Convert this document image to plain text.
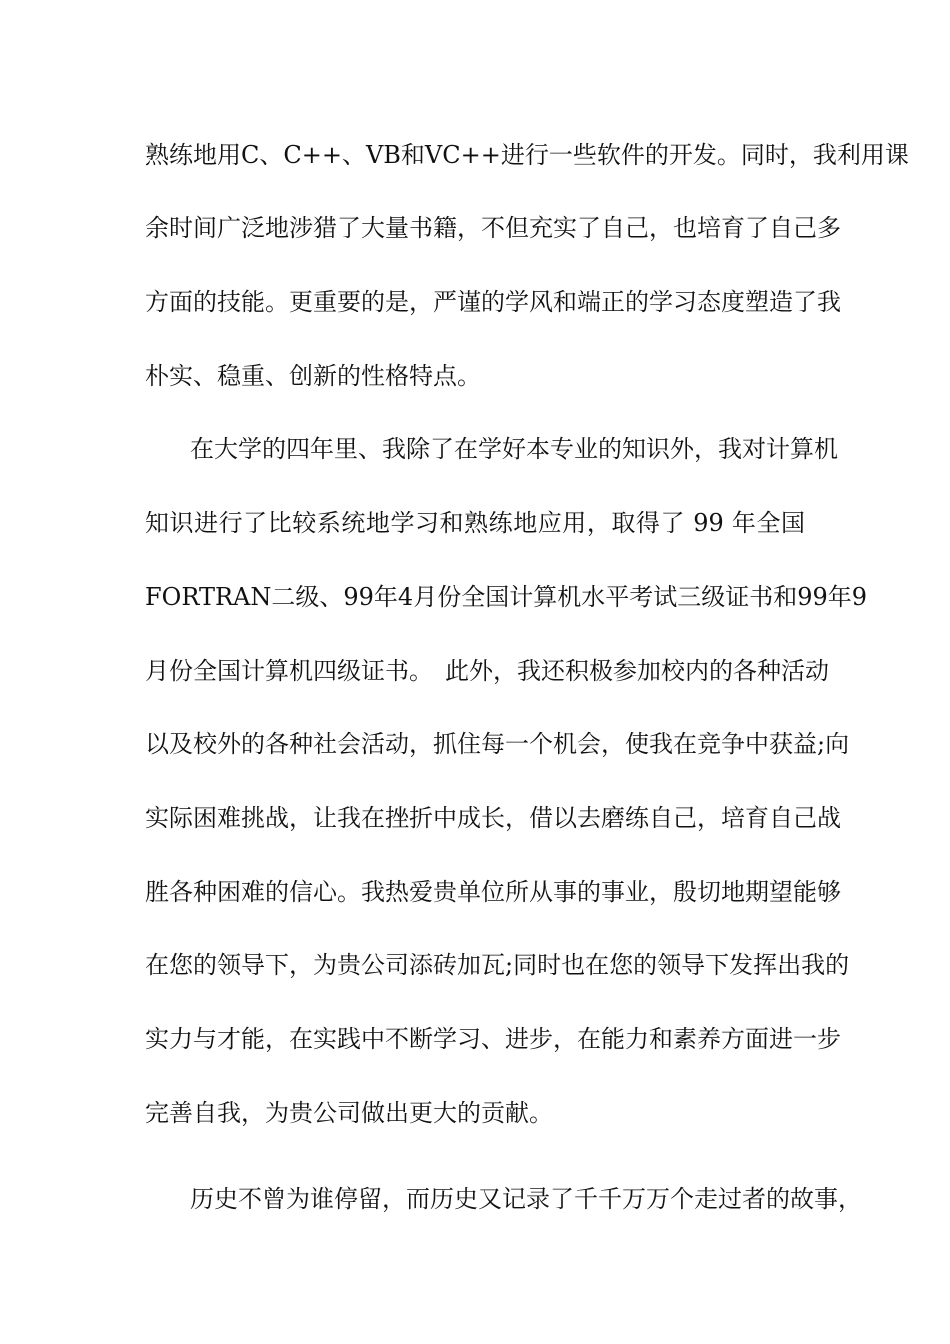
熟练地用C、C++、VB和VC++进行一些软件的开发。同时，我利用课
余时间广泛地涉猎了大量书籍，不但充实了自己，也培育了自己多
方面的技能。更重要的是，严谨的学风和端正的学习态度塑造了我
朴实、稳重、创新的性格特点。
在大学的四年里、我除了在学好本专业的知识外，我对计算机
知识进行了比较系统地学习和熟练地应用，取得了 99 年全国
FORTRAN二级、99年4月份全国计算机水平考试三级证书和99年9
月份全国计算机四级证书。　此外，我还积极参加校内的各种活动
以及校外的各种社会活动，抓住每一个机会，使我在竞争中获益;向
实际困难挑战，让我在挫折中成长，借以去磨练自己，培育自己战
胜各种困难的信心。我热爱贵单位所从事的事业，殷切地期望能够
在您的领导下，为贵公司添砖加瓦;同时也在您的领导下发挥出我的
实力与才能，在实践中不断学习、进步，在能力和素养方面进一步
完善自我，为贵公司做出更大的贡献。
历史不曾为谁停留，而历史又记录了千千万万个走过者的故事，
